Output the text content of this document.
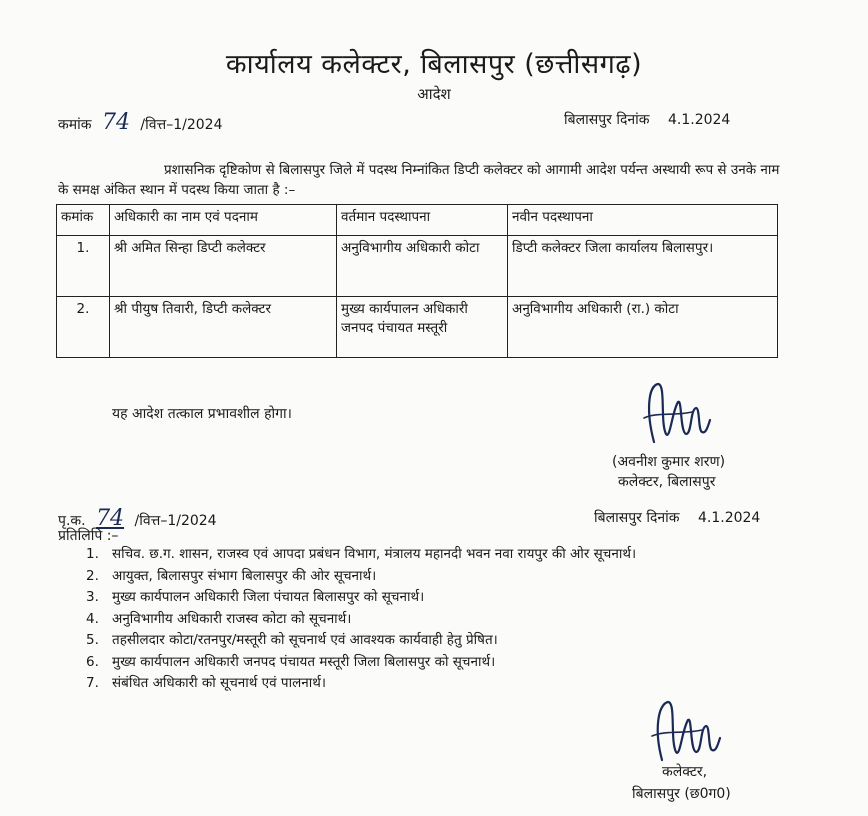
कार्यालय कलेक्टर, बिलासपुर (छत्तीसगढ़)
आदेश
कमांक 74 /वित्त–1/2024	बिलासपुर दिनांक 4.1.2024
प्रशासनिक दृष्टिकोण से बिलासपुर जिले में पदस्थ निम्नांकित डिप्टी कलेक्टर को आगामी आदेश पर्यन्त अस्थायी रूप से उनके नाम के समक्ष अंकित स्थान में पदस्थ किया जाता है :–
कमांक	अधिकारी का नाम एवं पदनाम	वर्तमान पदस्थापना	नवीन पदस्थापना
1.	श्री अमित सिन्हा डिप्टी कलेक्टर	अनुविभागीय अधिकारी कोटा	डिप्टी कलेक्टर जिला कार्यालय बिलासपुर।
2.	श्री पीयुष तिवारी, डिप्टी कलेक्टर	मुख्य कार्यपालन अधिकारी जनपद पंचायत मस्तूरी	अनुविभागीय अधिकारी (रा.) कोटा
यह आदेश तत्काल प्रभावशील होगा।
(अवनीश कुमार शरण)
कलेक्टर, बिलासपुर
पृ.क. 74 /वित्त–1/2024	बिलासपुर दिनांक 4.1.2024
प्रतिलिपि :–
1. सचिव. छ.ग. शासन, राजस्व एवं आपदा प्रबंधन विभाग, मंत्रालय महानदी भवन नवा रायपुर की ओर सूचनार्थ।
2. आयुक्त, बिलासपुर संभाग बिलासपुर की ओर सूचनार्थ।
3. मुख्य कार्यपालन अधिकारी जिला पंचायत बिलासपुर को सूचनार्थ।
4. अनुविभागीय अधिकारी राजस्व कोटा को सूचनार्थ।
5. तहसीलदार कोटा/रतनपुर/मस्तूरी को सूचनार्थ एवं आवश्यक कार्यवाही हेतु प्रेषित।
6. मुख्य कार्यपालन अधिकारी जनपद पंचायत मस्तूरी जिला बिलासपुर को सूचनार्थ।
7. संबंधित अधिकारी को सूचनार्थ एवं पालनार्थ।
कलेक्टर,
बिलासपुर (छ0ग0)
